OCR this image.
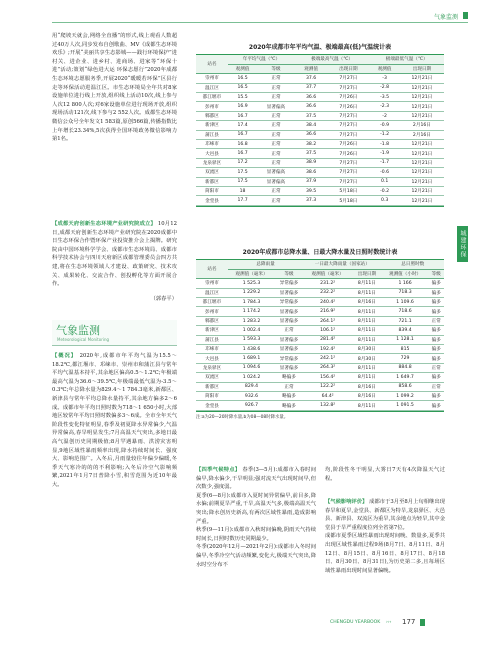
气象监测
城建环保
用“爬坡天就会,网络全直播”的形式,线上观看人数超过40万人次,同步发布自创歌曲、MV《成都生态环境欢乐》;开展“美丽共享生态影城——践行环境保护”进村关、进企业、进乡村、进商场、进家等“环保十进”活动;策划“绿色进大运 环保志愿行”2020年成都生态环境志愿服务季,开展2020“暖暖若环保”区县行走等环保活动进温江区。市生态环境局全年共对8家设施单位进行线上开放,组织线上活动10次,线上参与人次12 800人次;对6家设施单位进行现场开放,组织现场活动121次,线下参与2 552人次。成都生态环境微信公众号全年发文1 583篇,原创566篇,传播指数比上年增长23.34%,5次获得全国环境政务微信影响力第1名。
【成都天府创新生态环境产业研究院成立】 10月12日,成都天府创新生态环境产业研究院在2020成都中日生态环保合作暨环保产业投资推介会上揭牌。研究院由中国环境科学学会、成都市生态环境局、成都市科学技术协会与四川天府新区成都管理委员会四方共建,将在生态环境领域人才建设、政策研究、技术攻关、成果转化、交流合作、创投孵化等方面开展合作。
（郭春平）
气象监测
Meteorological Monitoring
【概况】 2020年,成都市年平均气温为15.5～18.2℃,都江堰市、邛崃市、崇州市和蒲江县与常年平均气温基本持平,其余地区偏高0.5～1.2℃;年极端最高气温为36.6～39.5℃,年极端最低气温为-3.5～0.3℃;年总降水量为829.4～1 784.3毫米,新都区、新津县与常年平均总降水量持平,其余地方偏多2～6成。成都市年平均日照时数为718～1 650小时,大部地区较常年平均日照时数偏多3～6成。全市全年天气阶段性变化特征明显,春季及初夏降水异常偏少,气温异常偏高,春旱明显发生;7月高温天气突出,多地日最高气温创历史同期极值;8月罕遇暴雨、洪涝灾害明显,9地区域性暴雨频率出现,降水持续时间长、强度大、影响范围广。入冬后,月雨量较往年偏少偏暖,冬季天气寒冷的的的不利影响;入冬后冷空气影响频繁,2021年1月7日普降小雪,积雪范围为近10年最大。
2020年成都市年平均气温、极端最高(低)气温统计表
站名	年平均气温（℃）		极端最高气温（℃）		极端最低气温（℃）	
	观测值	等级	观测值	出现日期	观测值	出现日期
崇州市	16.5	正常	37.6	7月27日	-3	12月21日
温江区	16.5	正常	37.7	7月27日	-2.8	12月21日
都江堰市	15.5	正常	36.6	7月26日	-3.5	12月21日
彭州市	16.9	显著偏高	36.6	7月26日	-2.3	12月21日
郫都区	16.7	正常	37.5	7月27日	-2	12月21日
新津区	17.4	正常	38.4	7月27日	-0.9	2月16日
蒲江县	16.7	正常	36.6	7月27日	-1.2	2月16日
邛崃市	16.8	正常	38.2	7月26日	-1.8	12月21日
大邑县	16.7	正常	37.5	7月26日	-1.9	12月21日
龙泉驿区	17.2	正常	38.9	7月27日	-1.7	12月21日
双流区	17.5	显著偏高	38.6	7月27日	-0.6	12月21日
新都区	17.5	显著偏高	37.9	7月27日	0.1	12月21日
简阳市	18	正常	39.5	5月18日	-0.2	12月21日
金堂县	17.7	正常	37.3	5月18日	0.3	12月21日
2020年成都市总降水量、日最大降水量及日照时数统计表
站名	总降雨量		一日最大降雨量（国家站）		总日照时数	
	观测值（毫米）	等级	观测值（毫米）	出现日期	观测值（小时）	等级
崇州市	1 525.3	异常偏多	231.2²	8月11日	1 166	偏多
温江区	1 229.2	显著偏多	232.2²	8月11日	718.3	偏多
都江堰市	1 784.3	异常偏多	240.4²	8月16日	1 109.6	偏多
彭州市	1 174.2	显著偏多	216.9²	8月11日	718.6	偏多
郫都区	1 283.2	显著偏多	264.1²	8月11日	721.1	正常
新津区	1 002.4	正常	106.1²	8月11日	839.4	偏多
蒲江县	1 593.3	显著偏多	281.4²	8月11日	1 128.1	偏多
邛崃市	1 438.6	显著偏多	192.4²	8月30日	815	偏多
大邑县	1 689.1	异常偏多	242.1²	8月30日	729	偏多
龙泉驿区	1 094.6	显著偏多	264.3²	8月11日	884.8	正常
双流区	1 024.2	略偏多	156.4²	8月11日	1 649.7	偏多
新都区	829.4	正常	122.2²	8月16日	858.6	正常
简阳市	932.6	略偏多	64.4²	8月16日	1 099.2	偏多
金堂县	926.7	略偏多	132.8²	8月11日	1 091.5	偏多
注:a为20—20时降水量,b为08—08时降水量。
【四季气候特点】 春季(3—5月):成都市入春时间偏早,降水偏少,干旱明显;强对流天气出现时间早,但次数少,强度弱。
夏季(6—8月):成都市入夏时间异常偏早,前目多,降水偏;前期夏旱严重,干旱,高温天气多,极端高温天气突出;降水创历史新高,有两次区域性暴雨,造成影响严重。
秋季(9—11月):成都市入秋时间偏晚,阴雨天气持续时间长,日照时数历史同期最少。
冬季(2020年12月—2021年2月):成都市入冬时间偏早,冬季冷空气活动频繁,变化大,极端天气突出,降水时空分布不
均,阶段性冬干明显,大雾日7天有4次降温天气过程。
【气候影响评价】 成都市于3月至8月上旬相继出现春旱和夏旱,金堂县、新都区为特旱,龙泉驿区、大邑县、新津县、双流区为重旱,其余地点为轻旱,其中金堂县于旱严重程度位列全省第7位。
成都市夏季区域性暴雨出现时间晚、数量多,夏季共出现区域性暴雨过程9场(8月7日、8月11日、8月12日、8月15日、8月16日、8月17日、8月18日、8月30日、8月31日),为历史第二多,且每场区域性暴雨出现时间显著偏晚。
CHENGDU YEARBOOK ››› 177
